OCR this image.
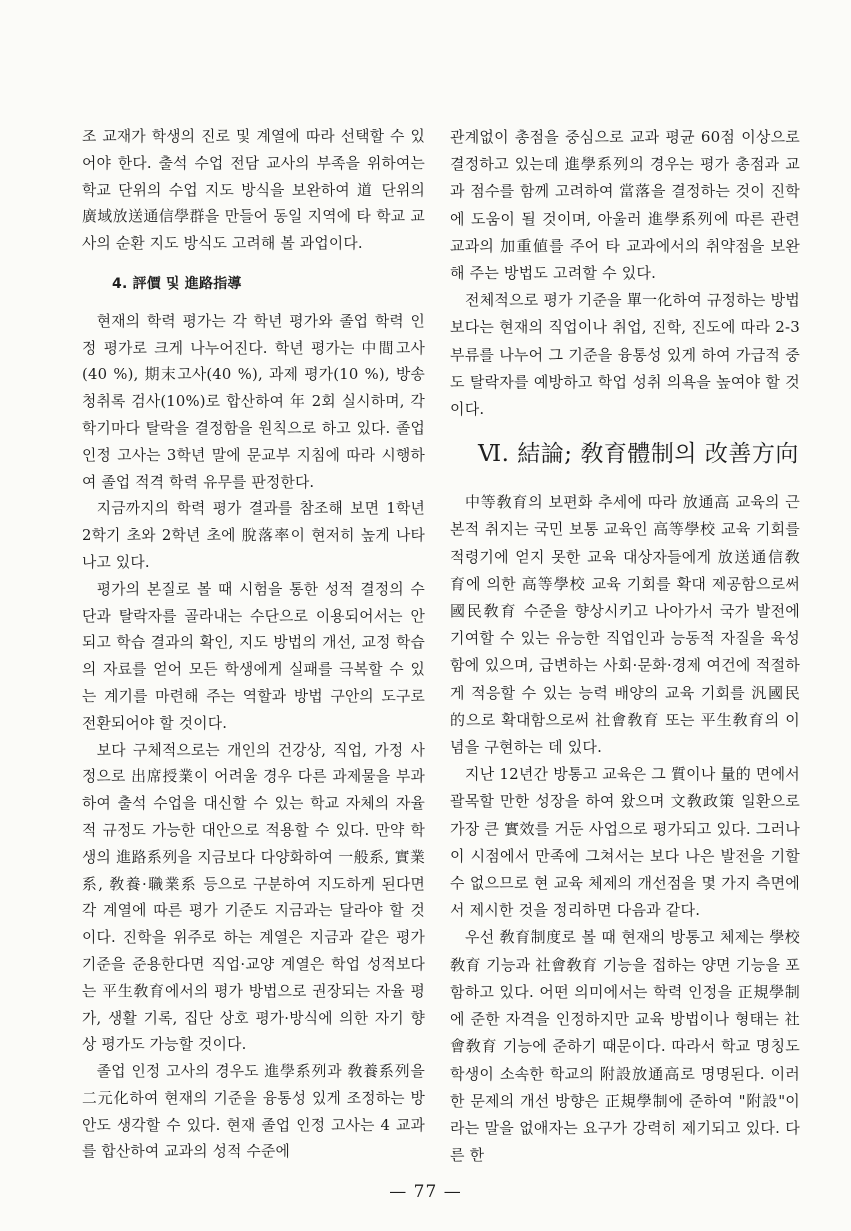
조 교재가 학생의 진로 및 계열에 따라 선택할 수 있어야 한다. 출석 수업 전담 교사의 부족을 위하여는 학교 단위의 수업 지도 방식을 보완하여 道 단위의 廣域放送通信學群을 만들어 동일 지역에 타 학교 교사의 순환 지도 방식도 고려해 볼 과업이다.

4. 評價 및 進路指導

현재의 학력 평가는 각 학년 평가와 졸업 학력 인정 평가로 크게 나누어진다. 학년 평가는 中間고사(40 %), 期末고사(40 %), 과제 평가(10 %), 방송 청취록 검사(10%)로 합산하여 年 2회 실시하며, 각 학기마다 탈락을 결정함을 원칙으로 하고 있다. 졸업 인정 고사는 3학년 말에 문교부 지침에 따라 시행하여 졸업 적격 학력 유무를 판정한다.

지금까지의 학력 평가 결과를 참조해 보면 1학년 2학기 초와 2학년 초에 脫落率이 현저히 높게 나타나고 있다.

평가의 본질로 볼 때 시험을 통한 성적 결정의 수단과 탈락자를 골라내는 수단으로 이용되어서는 안 되고 학습 결과의 확인, 지도 방법의 개선, 교정 학습의 자료를 얻어 모든 학생에게 실패를 극복할 수 있는 계기를 마련해 주는 역할과 방법 구안의 도구로 전환되어야 할 것이다.

보다 구체적으로는 개인의 건강상, 직업, 가정 사정으로 出席授業이 어려울 경우 다른 과제물을 부과하여 출석 수업을 대신할 수 있는 학교 자체의 자율적 규정도 가능한 대안으로 적용할 수 있다. 만약 학생의 進路系列을 지금보다 다양화하여 一般系, 實業系, 敎養·職業系 등으로 구분하여 지도하게 된다면 각 계열에 따른 평가 기준도 지금과는 달라야 할 것이다. 진학을 위주로 하는 계열은 지금과 같은 평가 기준을 준용한다면 직업·교양 계열은 학업 성적보다는 平生敎育에서의 평가 방법으로 권장되는 자율 평가, 생활 기록, 집단 상호 평가·방식에 의한 자기 향상 평가도 가능할 것이다.

졸업 인정 고사의 경우도 進學系列과 敎養系列을 二元化하여 현재의 기준을 융통성 있게 조정하는 방안도 생각할 수 있다. 현재 졸업 인정 고사는 4 교과를 합산하여 교과의 성적 수준에

관계없이 총점을 중심으로 교과 평균 60점 이상으로 결정하고 있는데 進學系列의 경우는 평가 총점과 교과 점수를 함께 고려하여 當落을 결정하는 것이 진학에 도움이 될 것이며, 아울러 進學系列에 따른 관련 교과의 加重値를 주어 타 교과에서의 취약점을 보완해 주는 방법도 고려할 수 있다.

전체적으로 평가 기준을 單一化하여 규정하는 방법보다는 현재의 직업이나 취업, 진학, 진도에 따라 2-3 부류를 나누어 그 기준을 융통성 있게 하여 가급적 중도 탈락자를 예방하고 학업 성취 의욕을 높여야 할 것이다.

Ⅵ. 結論; 敎育體制의 改善方向

中等敎育의 보편화 추세에 따라 放通高 교육의 근본적 취지는 국민 보통 교육인 高等學校 교육 기회를 적령기에 얻지 못한 교육 대상자들에게 放送通信敎育에 의한 高等學校 교육 기회를 확대 제공함으로써 國民敎育 수준을 향상시키고 나아가서 국가 발전에 기여할 수 있는 유능한 직업인과 능동적 자질을 육성함에 있으며, 급변하는 사회·문화·경제 여건에 적절하게 적응할 수 있는 능력 배양의 교육 기회를 汎國民的으로 확대함으로써 社會敎育 또는 平生敎育의 이념을 구현하는 데 있다.

지난 12년간 방통고 교육은 그 質이나 量的 면에서 괄목할 만한 성장을 하여 왔으며 文敎政策 일환으로 가장 큰 實效를 거둔 사업으로 평가되고 있다. 그러나 이 시점에서 만족에 그쳐서는 보다 나은 발전을 기할 수 없으므로 현 교육 체제의 개선점을 몇 가지 측면에서 제시한 것을 정리하면 다음과 같다.

우선 敎育制度로 볼 때 현재의 방통고 체제는 學校敎育 기능과 社會敎育 기능을 접하는 양면 기능을 포함하고 있다. 어떤 의미에서는 학력 인정을 正規學制에 준한 자격을 인정하지만 교육 방법이나 형태는 社會敎育 기능에 준하기 때문이다. 따라서 학교 명칭도 학생이 소속한 학교의 附設放通高로 명명된다. 이러한 문제의 개선 방향은 正規學制에 준하여 "附設"이라는 말을 없애자는 요구가 강력히 제기되고 있다. 다른 한

— 77 —
